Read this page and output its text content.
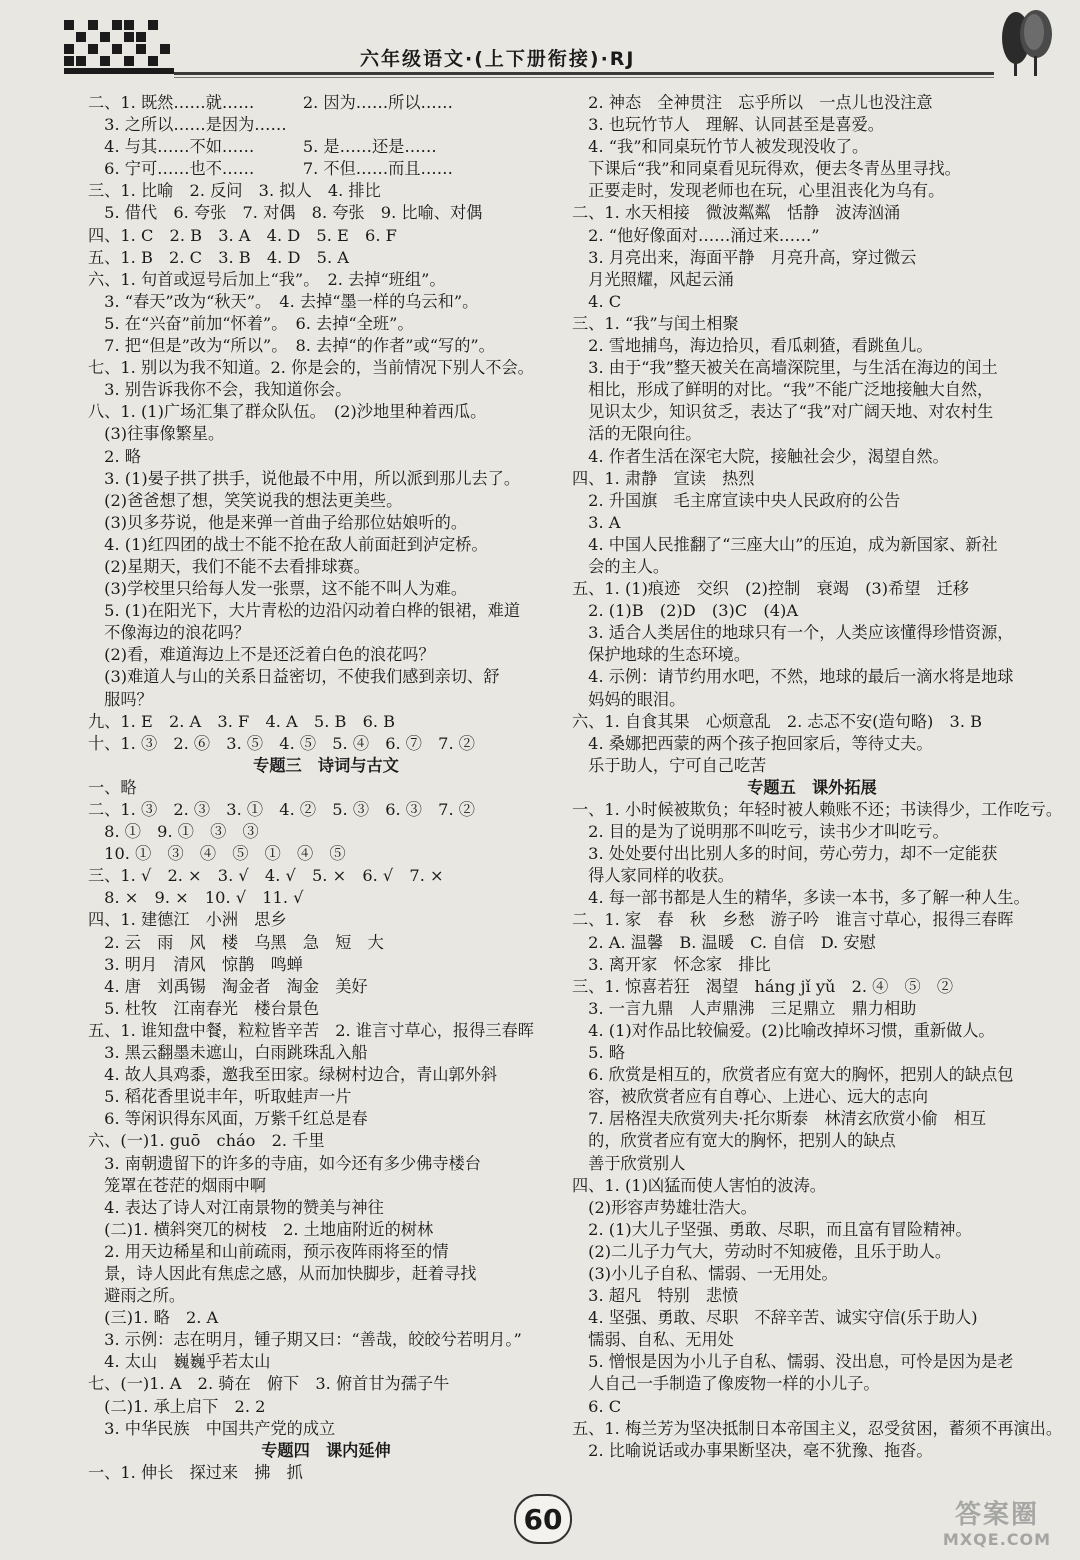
六年级语文·(上下册衔接)·RJ
二、1. 既然……就……　　　2. 因为……所以……
　3. 之所以……是因为……
　4. 与其……不如……　　　5. 是……还是……
　6. 宁可……也不……　　　7. 不但……而且……
三、1. 比喻　2. 反问　3. 拟人　4. 排比
　5. 借代　6. 夸张　7. 对偶　8. 夸张　9. 比喻、对偶
四、1. C　2. B　3. A　4. D　5. E　6. F
五、1. B　2. C　3. B　4. D　5. A
六、1. 句首或逗号后加上“我”。　2. 去掉“班组”。
　3. “春天”改为“秋天”。　4. 去掉“墨一样的乌云和”。
　5. 在“兴奋”前加“怀着”。　6. 去掉“全班”。
　7. 把“但是”改为“所以”。　8. 去掉“的作者”或“写的”。
七、1. 别以为我不知道。2. 你是会的，当前情况下别人不会。
　3. 别告诉我你不会，我知道你会。
八、1. (1)广场汇集了群众队伍。　(2)沙地里种着西瓜。
　(3)往事像繁星。
　2. 略
　3. (1)晏子拱了拱手，说他最不中用，所以派到那儿去了。
　(2)爸爸想了想，笑笑说我的想法更美些。
　(3)贝多芬说，他是来弹一首曲子给那位姑娘听的。
　4. (1)红四团的战士不能不抢在敌人前面赶到泸定桥。
　(2)星期天，我们不能不去看排球赛。
　(3)学校里只给每人发一张票，这不能不叫人为难。
　5. (1)在阳光下，大片青松的边沿闪动着白桦的银裙，难道
　不像海边的浪花吗？
　(2)看，难道海边上不是还泛着白色的浪花吗？
　(3)难道人与山的关系日益密切，不使我们感到亲切、舒
　服吗？
九、1. E　2. A　3. F　4. A　5. B　6. B
十、1. ③　2. ⑥　3. ⑤　4. ⑤　5. ④　6. ⑦　7. ②
专题三　诗词与古文
一、略
二、1. ③　2. ③　3. ①　4. ②　5. ③　6. ③　7. ②
　8. ①　9. ①　③　③
　10. ①　③　④　⑤　①　④　⑤
三、1. √　2. ×　3. √　4. √　5. ×　6. √　7. ×
　8. ×　9. ×　10. √　11. √
四、1. 建德江　小洲　思乡
　2. 云　雨　风　楼　乌黑　急　短　大
　3. 明月　清风　惊鹊　鸣蝉
　4. 唐　刘禹锡　淘金者　淘金　美好
　5. 杜牧　江南春光　楼台景色
五、1. 谁知盘中餐，粒粒皆辛苦　2. 谁言寸草心，报得三春晖
　3. 黑云翻墨未遮山，白雨跳珠乱入船
　4. 故人具鸡黍，邀我至田家。绿树村边合，青山郭外斜
　5. 稻花香里说丰年，听取蛙声一片
　6. 等闲识得东风面，万紫千红总是春
六、(一)1. guō　cháo　2. 千里
　3. 南朝遗留下的许多的寺庙，如今还有多少佛寺楼台
　笼罩在苍茫的烟雨中啊
　4. 表达了诗人对江南景物的赞美与神往
　(二)1. 横斜突兀的树枝　2. 土地庙附近的树林
　2. 用天边稀星和山前疏雨，预示夜阵雨将至的情
　景，诗人因此有焦虑之感，从而加快脚步，赶着寻找
　避雨之所。
　(三)1. 略　2. A
　3. 示例：志在明月，锺子期又曰：“善哉，皎皎兮若明月。”
　4. 太山　巍巍乎若太山
七、(一)1. A　2. 骑在　俯下　3. 俯首甘为孺子牛
　(二)1. 承上启下　2. 2
　3. 中华民族　中国共产党的成立
专题四　课内延伸
一、1. 伸长　探过来　拂　抓
　2. 神态　全神贯注　忘乎所以　一点儿也没注意
　3. 也玩竹节人　理解、认同甚至是喜爱。
　4. “我”和同桌玩竹节人被发现没收了。
　下课后“我”和同桌看见玩得欢，便去冬青丛里寻找。
　正要走时，发现老师也在玩，心里沮丧化为乌有。
二、1. 水天相接　微波粼粼　恬静　波涛汹涌
　2. “他好像面对……涌过来……”
　3. 月亮出来，海面平静　月亮升高，穿过微云
　月光照耀，风起云涌
　4. C
三、1. “我”与闰土相聚
　2. 雪地捕鸟，海边拾贝，看瓜刺猹，看跳鱼儿。
　3. 由于“我”整天被关在高墙深院里，与生活在海边的闰土
　相比，形成了鲜明的对比。“我”不能广泛地接触大自然，
　见识太少，知识贫乏，表达了“我”对广阔天地、对农村生
　活的无限向往。
　4. 作者生活在深宅大院，接触社会少，渴望自然。
四、1. 肃静　宣读　热烈
　2. 升国旗　毛主席宣读中央人民政府的公告
　3. A
　4. 中国人民推翻了“三座大山”的压迫，成为新国家、新社
　会的主人。
五、1. (1)痕迹　交织　(2)控制　衰竭　(3)希望　迁移
　2. (1)B　(2)D　(3)C　(4)A
　3. 适合人类居住的地球只有一个，人类应该懂得珍惜资源，
　保护地球的生态环境。
　4. 示例：请节约用水吧，不然，地球的最后一滴水将是地球
　妈妈的眼泪。
六、1. 自食其果　心烦意乱　2. 忐忑不安(造句略)　3. B
　4. 桑娜把西蒙的两个孩子抱回家后，等待丈夫。
　乐于助人，宁可自己吃苦
专题五　课外拓展
一、1. 小时候被欺负；年轻时被人赖账不还；书读得少，工作吃亏。
　2. 目的是为了说明那不叫吃亏，读书少才叫吃亏。
　3. 处处要付出比别人多的时间，劳心劳力，却不一定能获
　得人家同样的收获。
　4. 每一部书都是人生的精华，多读一本书，多了解一种人生。
二、1. 家　春　秋　乡愁　游子吟　谁言寸草心，报得三春晖
　2. A. 温馨　B. 温暖　C. 自信　D. 安慰
　3. 离开家　怀念家　排比
三、1. 惊喜若狂　渴望　háng jǐ yǔ　2. ④　⑤　②
　3. 一言九鼎　人声鼎沸　三足鼎立　鼎力相助
　4. (1)对作品比较偏爱。(2)比喻改掉坏习惯，重新做人。
　5. 略
　6. 欣赏是相互的，欣赏者应有宽大的胸怀，把别人的缺点包
　容，被欣赏者应有自尊心、上进心、远大的志向
　7. 居格涅夫欣赏列夫·托尔斯泰　林清玄欣赏小偷　相互
　的，欣赏者应有宽大的胸怀，把别人的缺点
　善于欣赏别人
四、1. (1)凶猛而使人害怕的波涛。
　(2)形容声势雄壮浩大。
　2. (1)大儿子坚强、勇敢、尽职，而且富有冒险精神。
　(2)二儿子力气大，劳动时不知疲倦，且乐于助人。
　(3)小儿子自私、懦弱、一无用处。
　3. 超凡　特别　悲愤
　4. 坚强、勇敢、尽职　不辞辛苦、诚实守信(乐于助人)
　懦弱、自私、无用处
　5. 憎恨是因为小儿子自私、懦弱、没出息，可怜是因为是老
　人自己一手制造了像废物一样的小儿子。
　6. C
五、1. 梅兰芳为坚决抵制日本帝国主义，忍受贫困，蓄须不再演出。
　2. 比喻说话或办事果断坚决，毫不犹豫、拖沓。
60	答案圈
MXQE.COM
